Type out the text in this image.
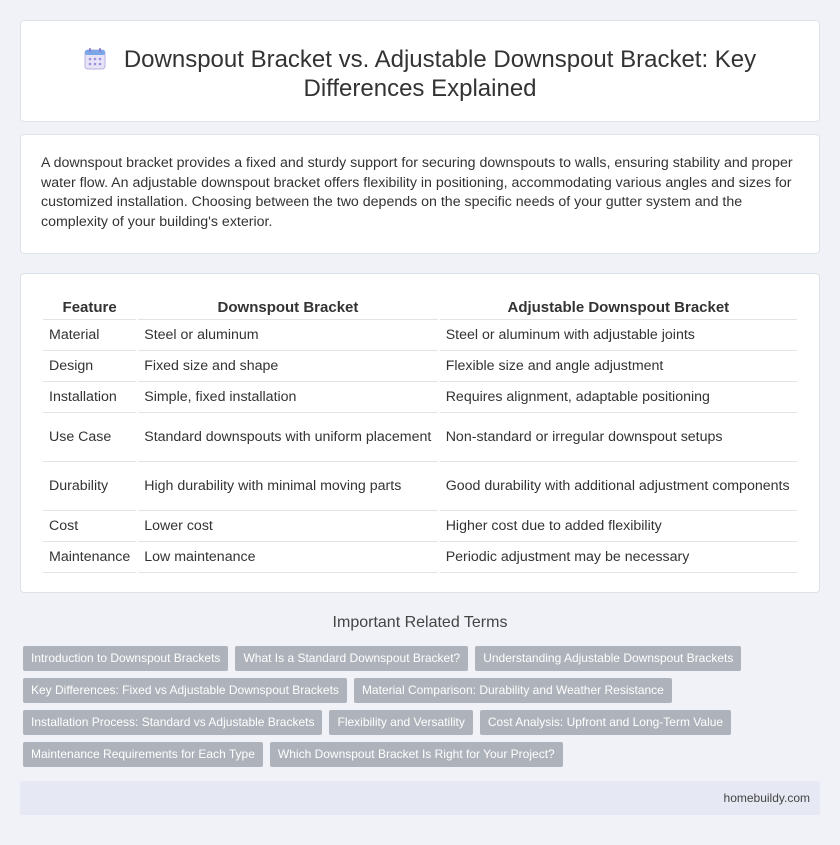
Downspout Bracket vs. Adjustable Downspout Bracket: Key
Differences Explained

A downspout bracket provides a fixed and sturdy support for securing downspouts to walls, ensuring stability and proper water flow. An adjustable downspout bracket offers flexibility in positioning, accommodating various angles and sizes for customized installation. Choosing between the two depends on the specific needs of your gutter system and the complexity of your building's exterior.

Feature	Downspout Bracket	Adjustable Downspout Bracket
Material	Steel or aluminum	Steel or aluminum with adjustable joints
Design	Fixed size and shape	Flexible size and angle adjustment
Installation	Simple, fixed installation	Requires alignment, adaptable positioning
Use Case	Standard downspouts with uniform placement	Non-standard or irregular downspout setups
Durability	High durability with minimal moving parts	Good durability with additional adjustment components
Cost	Lower cost	Higher cost due to added flexibility
Maintenance	Low maintenance	Periodic adjustment may be necessary
Important Related Terms
Introduction to Downspout Brackets	What Is a Standard Downspout Bracket?	Understanding Adjustable Downspout Brackets
Key Differences: Fixed vs Adjustable Downspout Brackets	Material Comparison: Durability and Weather Resistance
Installation Process: Standard vs Adjustable Brackets	Flexibility and Versatility	Cost Analysis: Upfront and Long-Term Value
Maintenance Requirements for Each Type	Which Downspout Bracket Is Right for Your Project?
homebuildy.com
